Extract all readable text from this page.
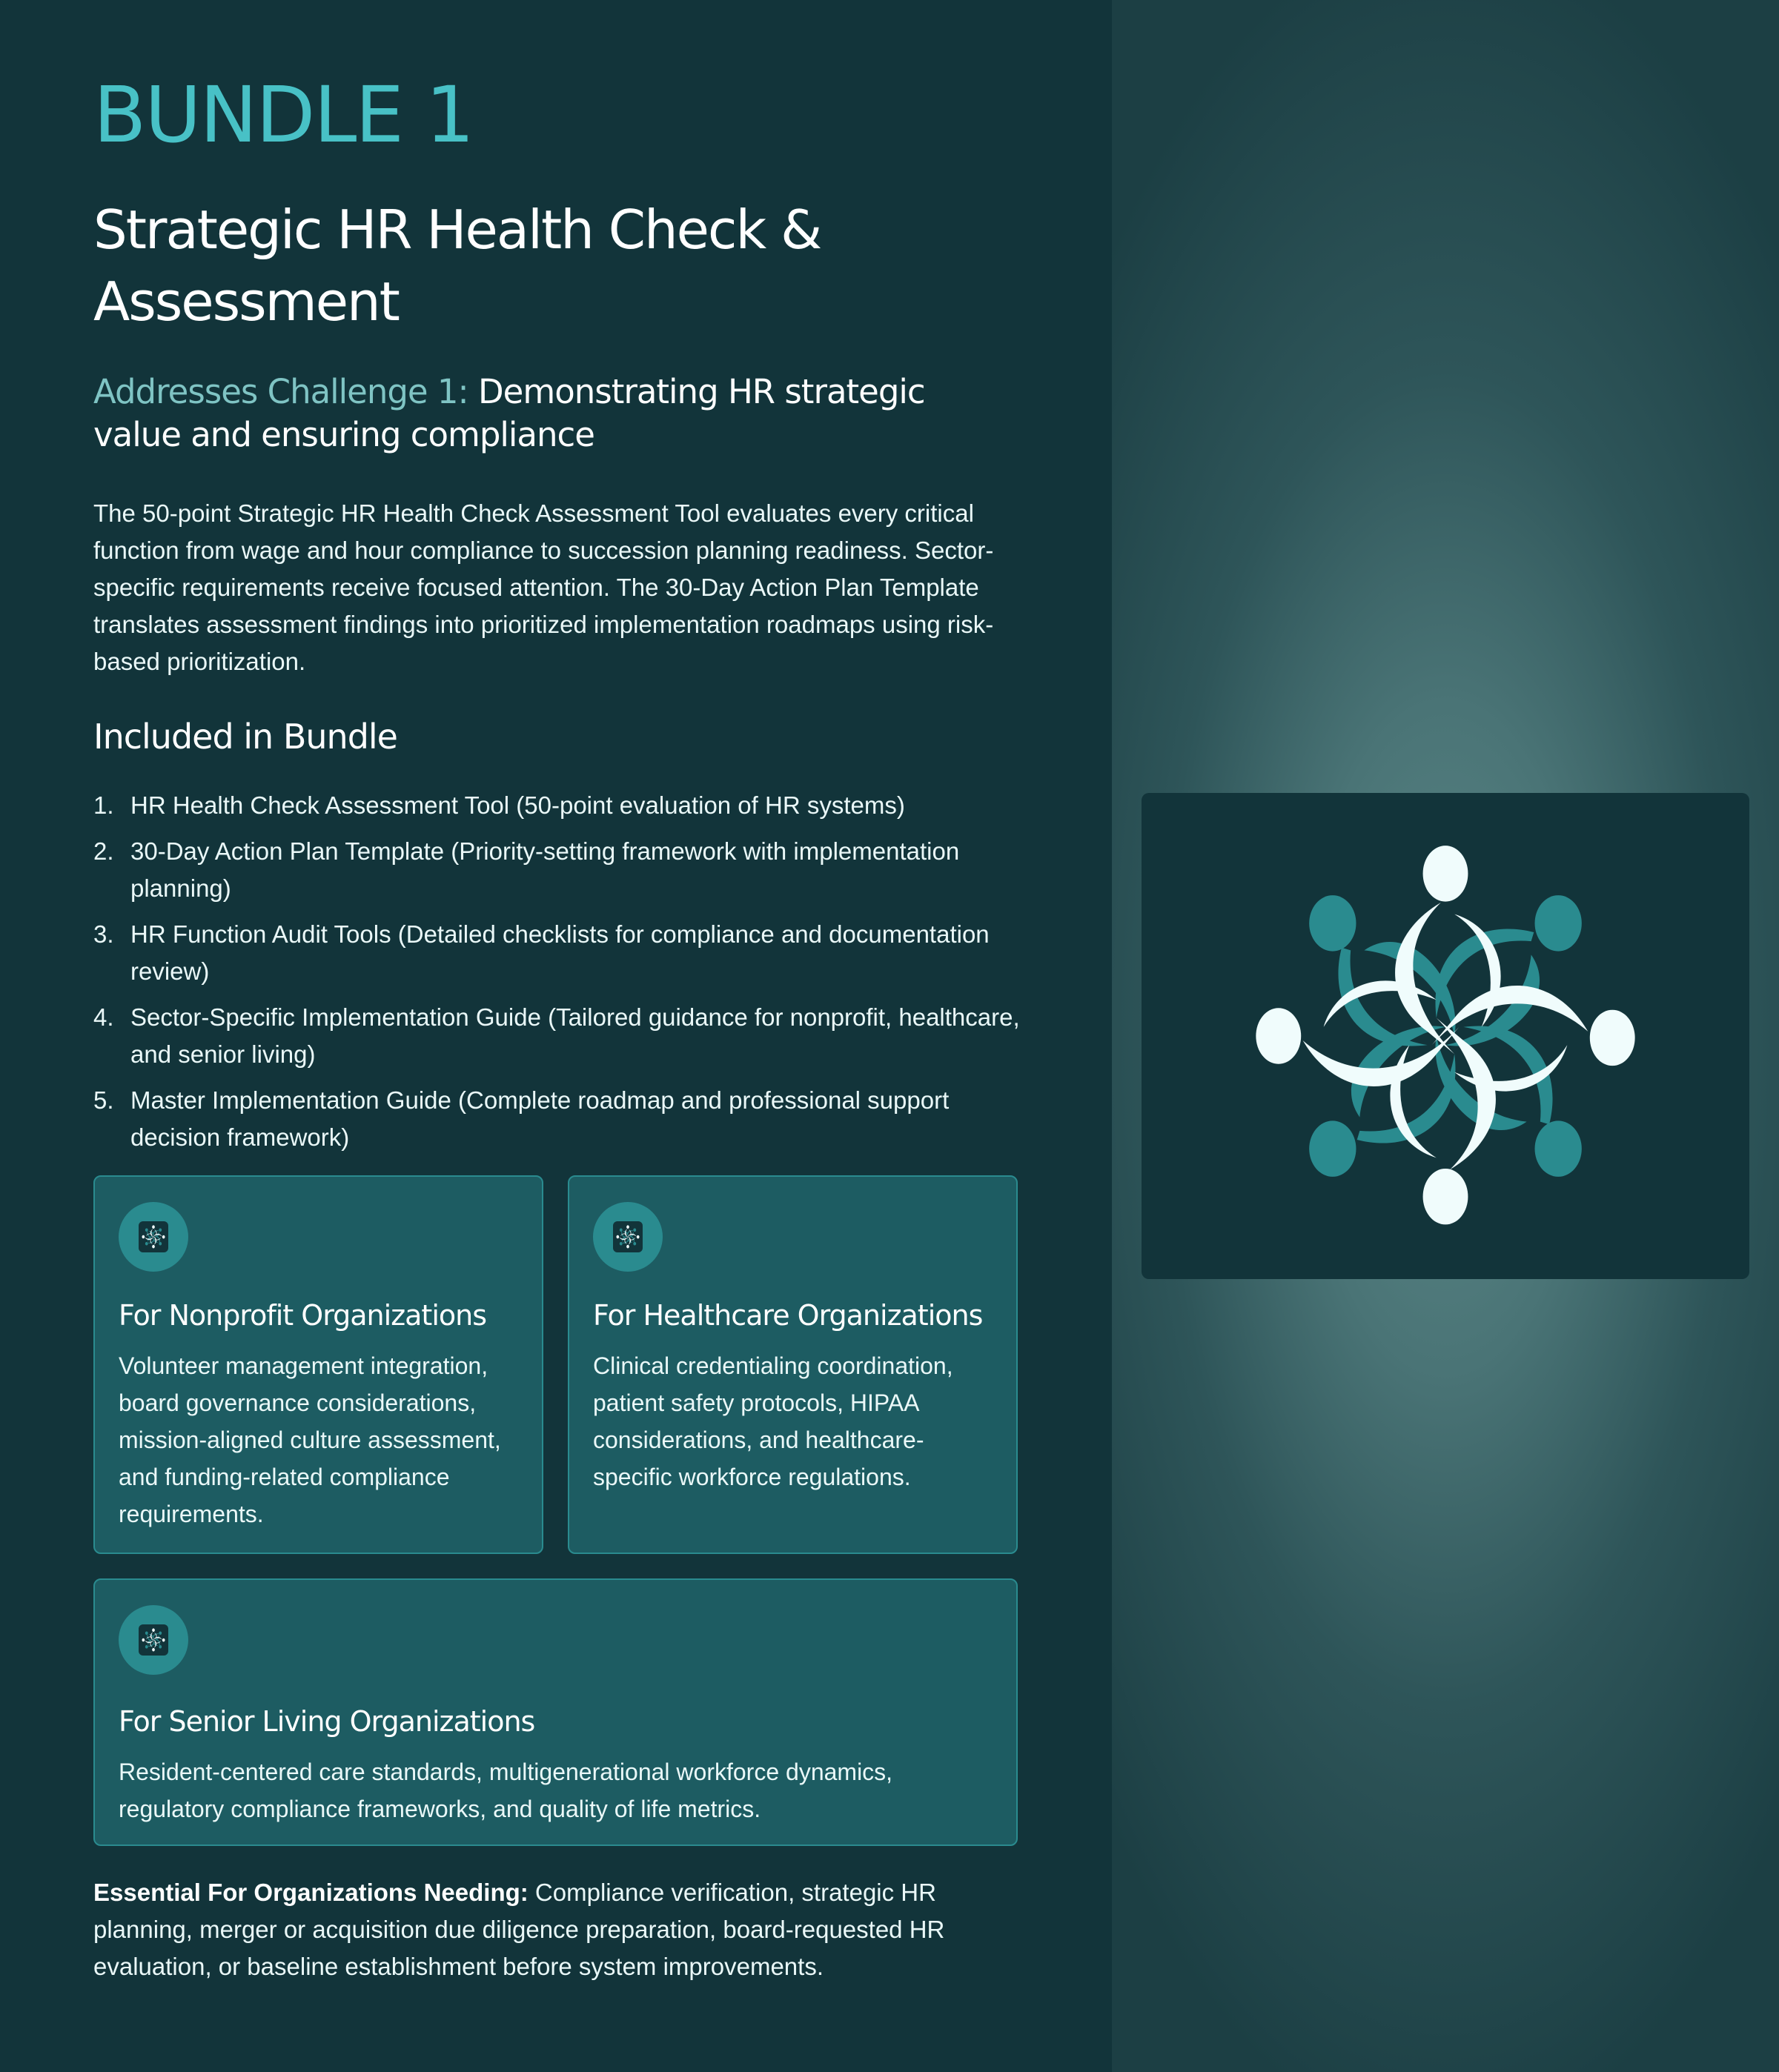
BUNDLE 1
Strategic HR Health Check & Assessment
Addresses Challenge 1: Demonstrating HR strategic value and ensuring compliance

The 50-point Strategic HR Health Check Assessment Tool evaluates every critical function from wage and hour compliance to succession planning readiness. Sector-specific requirements receive focused attention. The 30-Day Action Plan Template translates assessment findings into prioritized implementation roadmaps using risk-based prioritization.

Included in Bundle
1. HR Health Check Assessment Tool (50-point evaluation of HR systems)
2. 30-Day Action Plan Template (Priority-setting framework with implementation planning)
3. HR Function Audit Tools (Detailed checklists for compliance and documentation review)
4. Sector-Specific Implementation Guide (Tailored guidance for nonprofit, healthcare, and senior living)
5. Master Implementation Guide (Complete roadmap and professional support decision framework)
For Nonprofit Organizations

Volunteer management integration, board governance considerations, mission-aligned culture assessment, and funding-related compliance requirements.

For Healthcare Organizations

Clinical credentialing coordination, patient safety protocols, HIPAA considerations, and healthcare-specific workforce regulations.

For Senior Living Organizations

Resident-centered care standards, multigenerational workforce dynamics, regulatory compliance frameworks, and quality of life metrics.

Essential For Organizations Needing: Compliance verification, strategic HR planning, merger or acquisition due diligence preparation, board-requested HR evaluation, or baseline establishment before system improvements.
